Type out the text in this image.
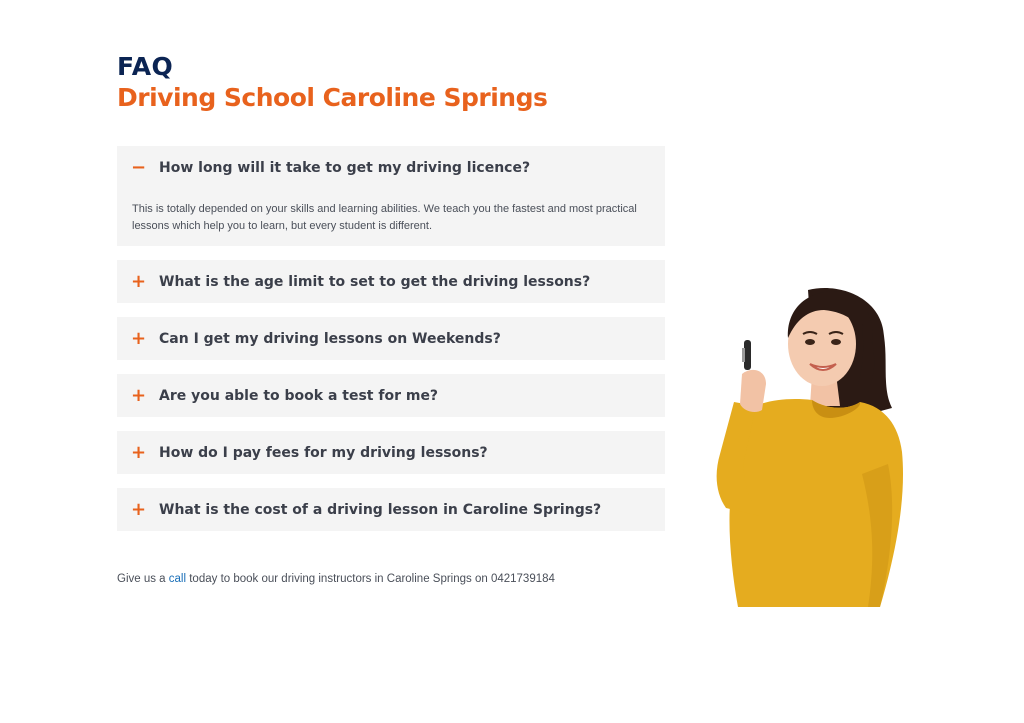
FAQ
Driving School Caroline Springs
− How long will it take to get my driving licence?
This is totally depended on your skills and learning abilities. We teach you the fastest and most practical lessons which help you to learn, but every student is different.
+ What is the age limit to set to get the driving lessons?
+ Can I get my driving lessons on Weekends?
+ Are you able to book a test for me?
+ How do I pay fees for my driving lessons?
+ What is the cost of a driving lesson in Caroline Springs?
Give us a call today to book our driving instructors in Caroline Springs on 0421739184
